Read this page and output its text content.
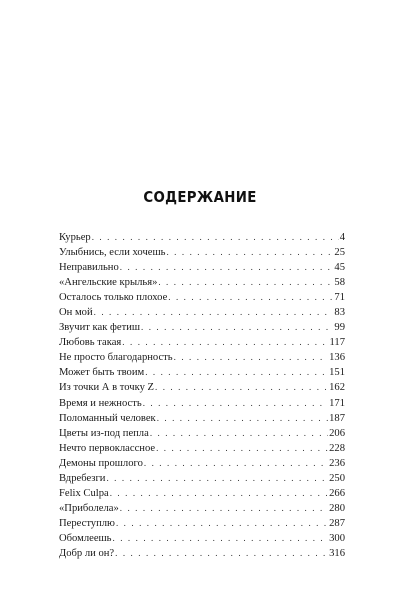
СОДЕРЖАНИЕ
Курьер . . .	4
Улыбнись, если хочешь . . .	25
Неправильно . . .	45
«Ангельские крылья» . . .	58
Осталось только плохое . . .	71
Он мой . . .	83
Звучит как фетиш . . .	99
Любовь такая . . .	117
Не просто благодарность . . .	136
Может быть твоим . . .	151
Из точки А в точку Z . . .	162
Время и нежность . . .	171
Поломанный человек . . .	187
Цветы из-под пепла . . .	206
Нечто первоклассное . . .	228
Демоны прошлого . . .	236
Вдребезги . . .	250
Felix Culpa . . .	266
«Приболела» . . .	280
Переступлю . . .	287
Обомлеешь . . .	300
Добр ли он? . . .	316
